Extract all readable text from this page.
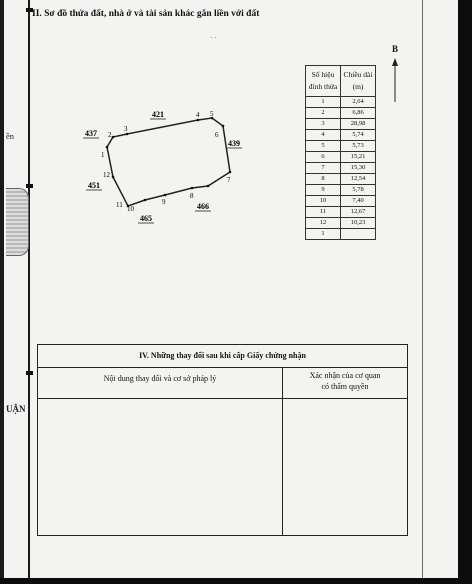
II. Sơ đồ thửa đất, nhà ở và tài sản khác gắn liền với đất
· ·
ền
UẬN
B
421
437
439
451
465
466
1
2
3
4 5
6
7
8
9
10
11
12
Số hiệu đỉnh thửa	Chiều dài (m)
1	2,64
2	6,86
3	28,98
4	5,74
5	5,73
6	15,21
7	15,30
8	12,54
9	5,78
10	7,40
11	12,67
12	10,23
1	
IV. Những thay đổi sau khi cấp Giấy chứng nhận
Nội dung thay đổi và cơ sở pháp lý	Xác nhận của cơ quan
có thẩm quyền
